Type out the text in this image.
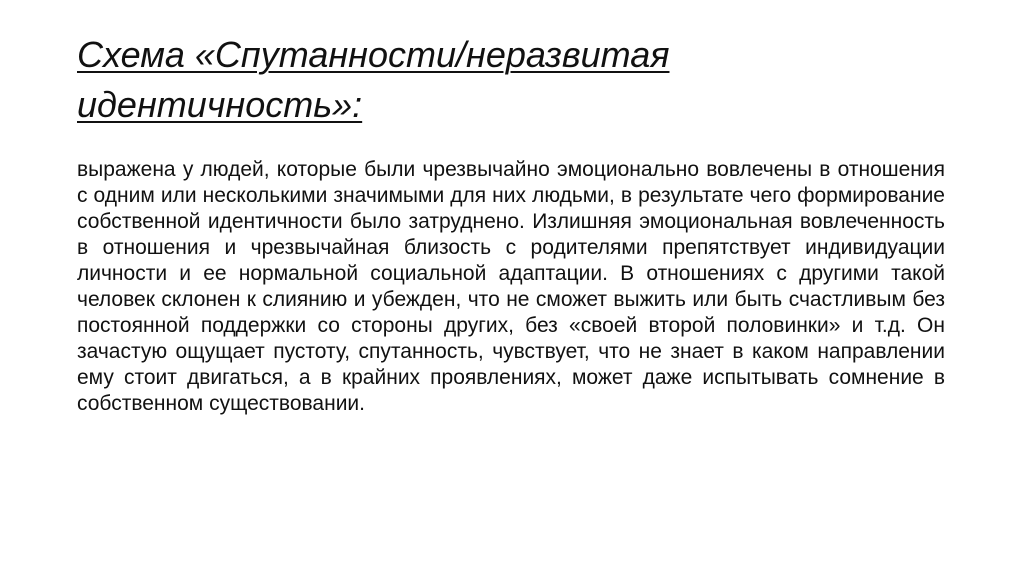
Схема «Спутанности/неразвитая идентичность»:

выражена у людей, которые были чрезвычайно эмоционально вовлечены в отношения с одним или несколькими значимыми для них людьми, в результате чего формирование собственной идентичности было затруднено. Излишняя эмоциональная вовлеченность в отношения и чрезвычайная близость с родителями препятствует индивидуации личности и ее нормальной социальной адаптации. В отношениях с другими такой человек склонен к слиянию и убежден, что не сможет выжить или быть счастливым без постоянной поддержки со стороны других, без «своей второй половинки» и т.д. Он зачастую ощущает пустоту, спутанность, чувствует, что не знает в каком направлении ему стоит двигаться, а в крайних проявлениях, может даже испытывать сомнение в собственном существовании.
